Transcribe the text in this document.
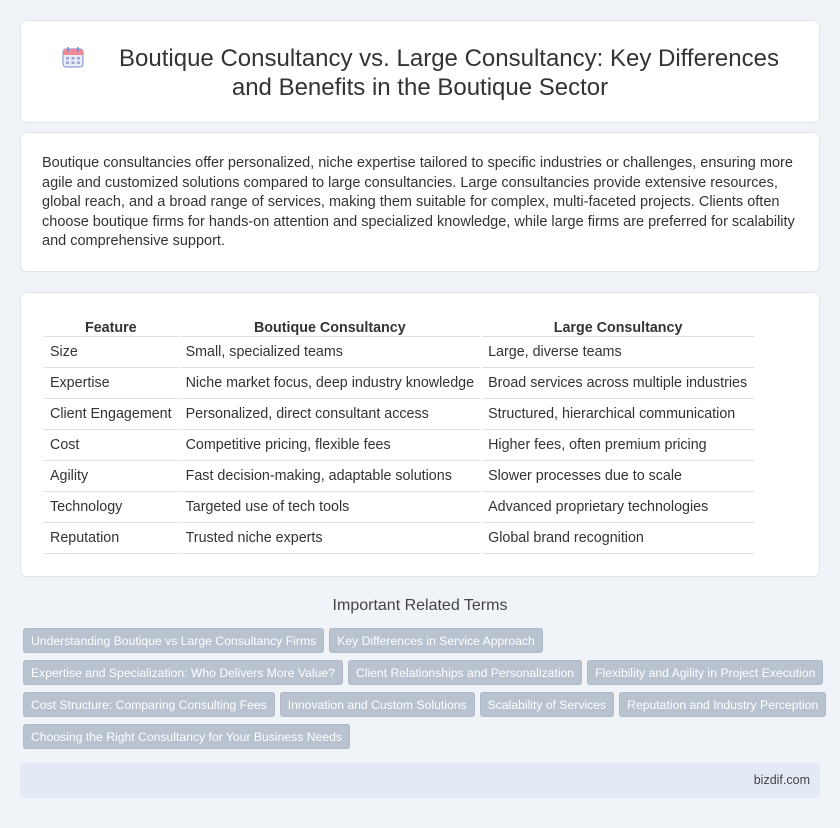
Boutique Consultancy vs. Large Consultancy: Key Differences and Benefits in the Boutique Sector

Boutique consultancies offer personalized, niche expertise tailored to specific industries or challenges, ensuring more agile and customized solutions compared to large consultancies. Large consultancies provide extensive resources, global reach, and a broad range of services, making them suitable for complex, multi-faceted projects. Clients often choose boutique firms for hands-on attention and specialized knowledge, while large firms are preferred for scalability and comprehensive support.

Feature	Boutique Consultancy	Large Consultancy
Size	Small, specialized teams	Large, diverse teams
Expertise	Niche market focus, deep industry knowledge	Broad services across multiple industries
Client Engagement	Personalized, direct consultant access	Structured, hierarchical communication
Cost	Competitive pricing, flexible fees	Higher fees, often premium pricing
Agility	Fast decision-making, adaptable solutions	Slower processes due to scale
Technology	Targeted use of tech tools	Advanced proprietary technologies
Reputation	Trusted niche experts	Global brand recognition
Important Related Terms
Understanding Boutique vs Large Consultancy Firms Key Differences in Service Approach
Expertise and Specialization: Who Delivers More Value? Client Relationships and Personalization Flexibility and Agility in Project Execution
Cost Structure: Comparing Consulting Fees Innovation and Custom Solutions Scalability of Services Reputation and Industry Perception
Choosing the Right Consultancy for Your Business Needs
bizdif.com
